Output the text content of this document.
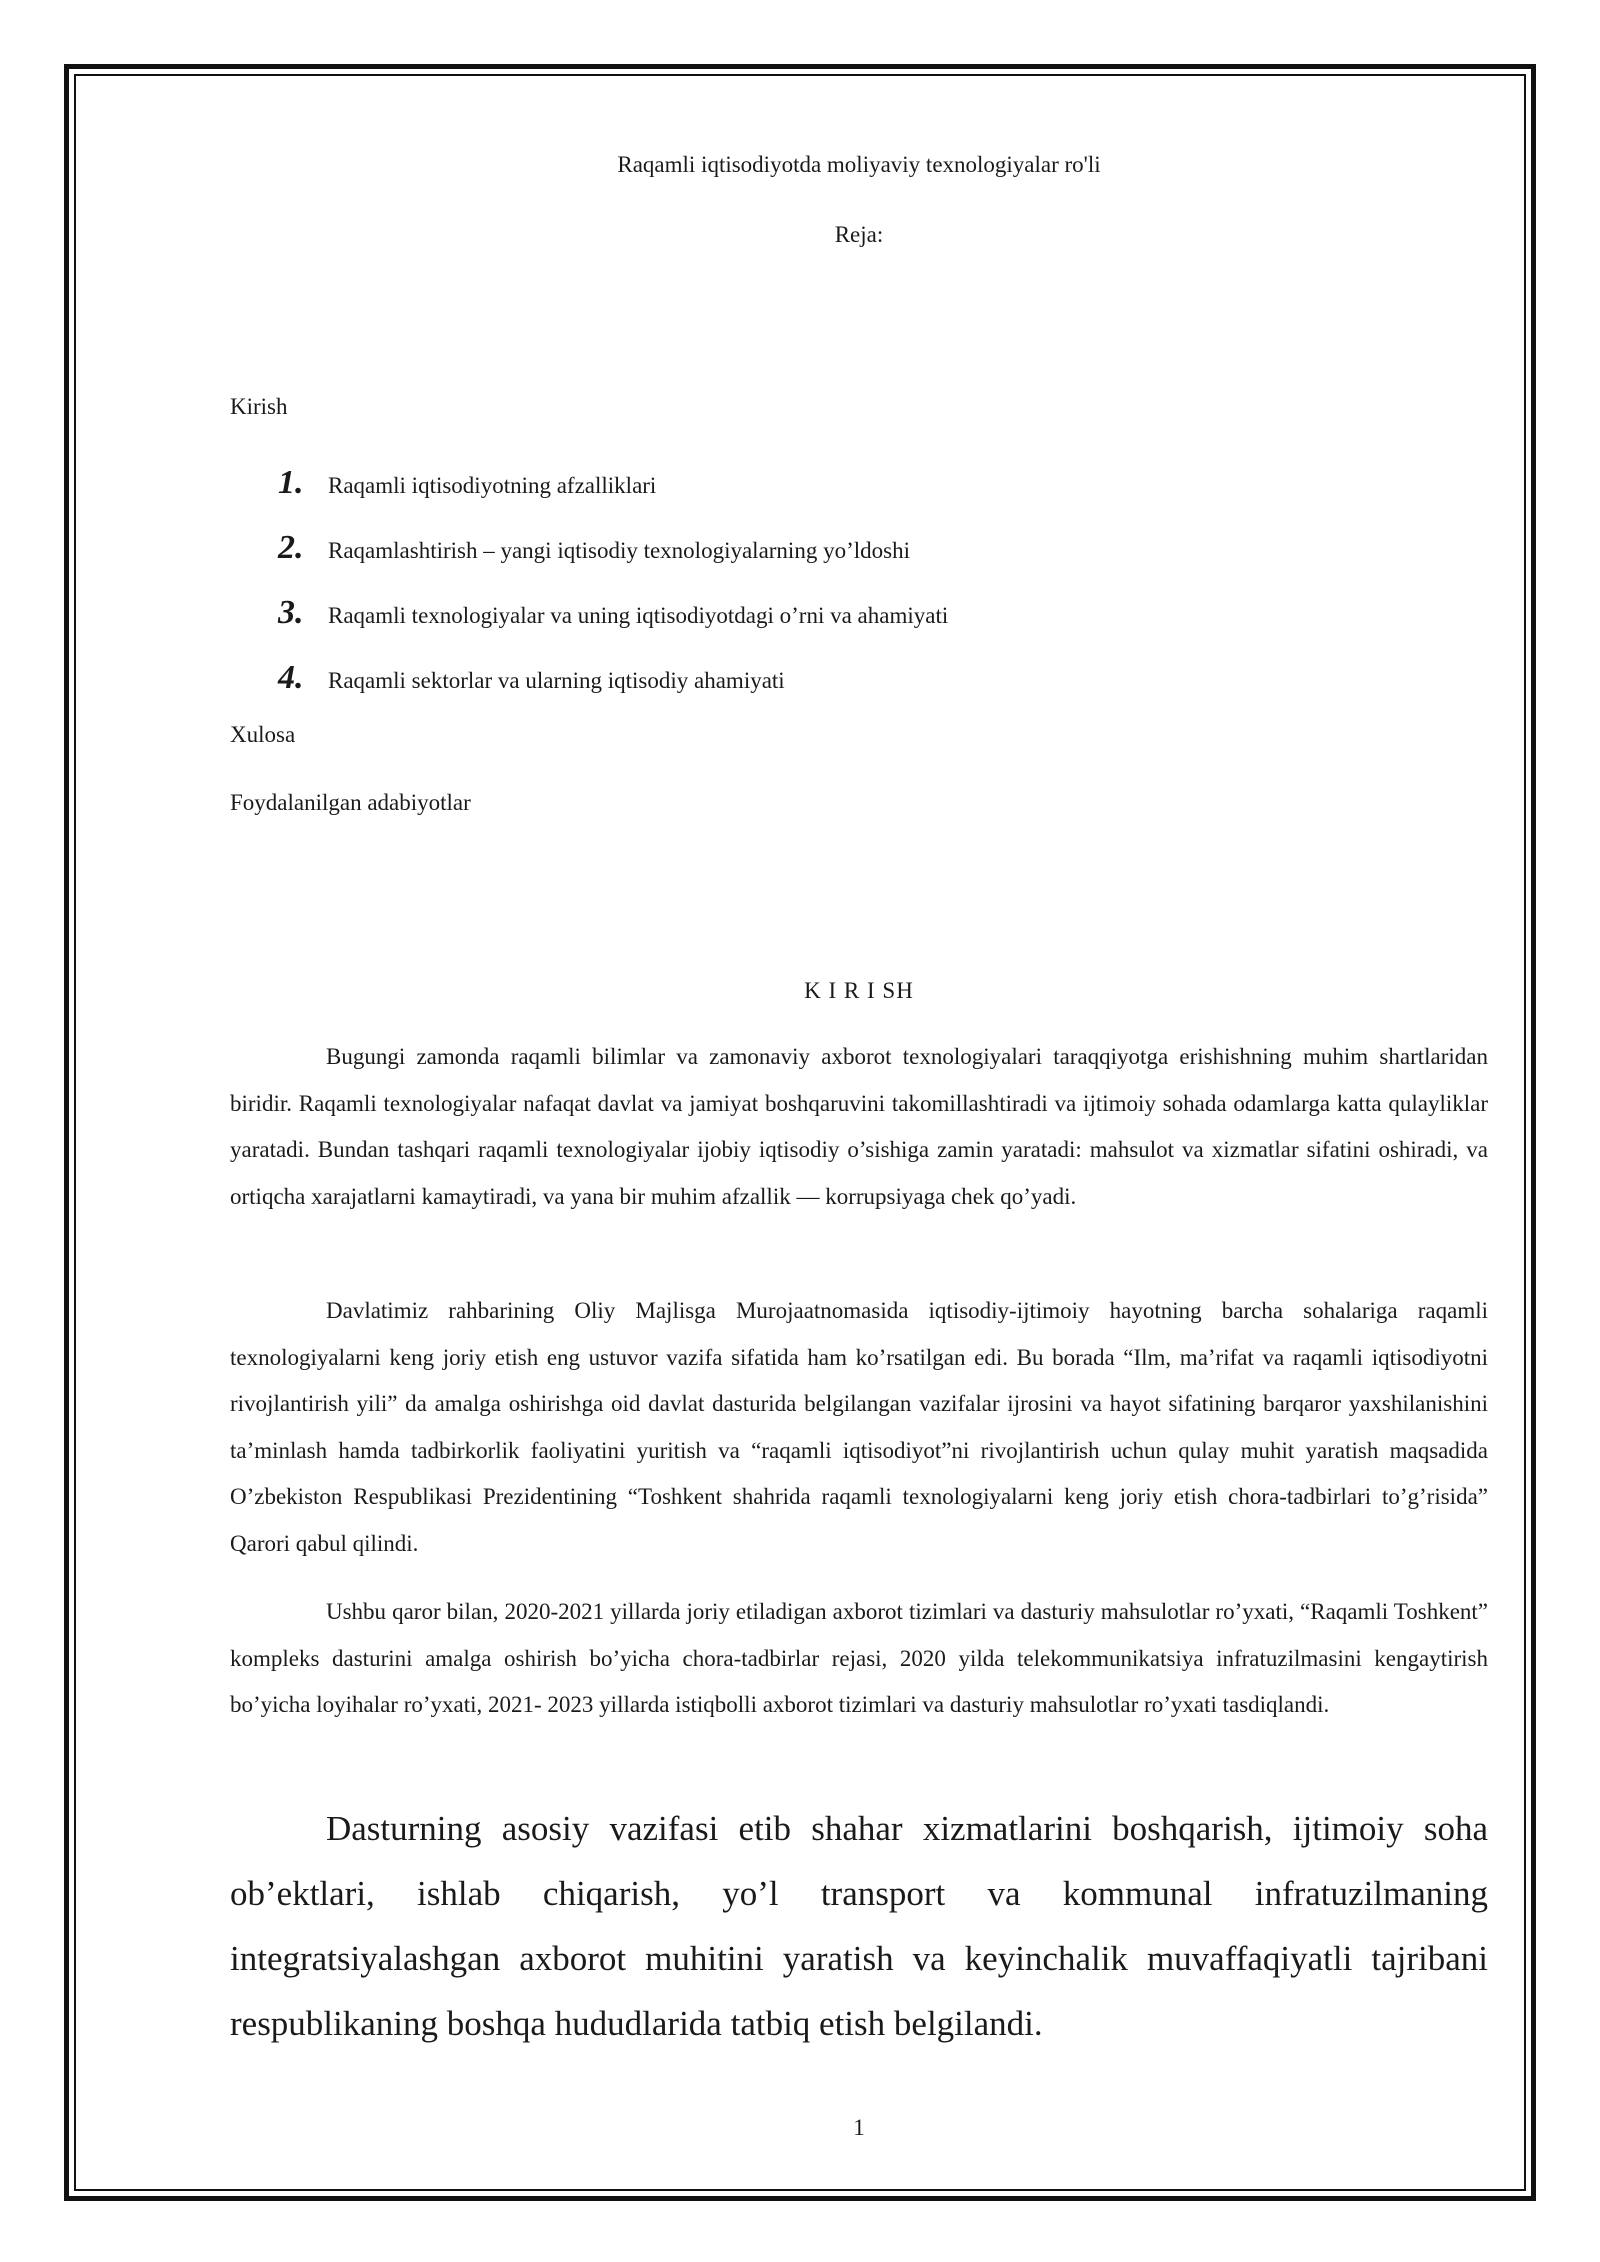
Raqamli iqtisodiyotda moliyaviy texnologiyalar ro'li
Reja:
Kirish
1.	Raqamli iqtisodiyotning afzalliklari
2.	Raqamlashtirish – yangi iqtisodiy texnologiyalarning yo’ldoshi
3.	Raqamli texnologiyalar va uning iqtisodiyotdagi o’rni va ahamiyati
4.	Raqamli sektorlar va ularning iqtisodiy ahamiyati
Xulosa
Foydalanilgan adabiyotlar
K I R I SH

Bugungi zamonda raqamli bilimlar va zamonaviy axborot texnologiyalari taraqqiyotga erishishning muhim shartlaridan biridir. Raqamli texnologiyalar nafaqat davlat va jamiyat boshqaruvini takomillashtiradi va ijtimoiy sohada odamlarga katta qulayliklar yaratadi. Bundan tashqari raqamli texnologiyalar ijobiy iqtisodiy o’sishiga zamin yaratadi: mahsulot va xizmatlar sifatini oshiradi, va ortiqcha xarajatlarni kamaytiradi, va yana bir muhim afzallik — korrupsiyaga chek qo’yadi.

Davlatimiz rahbarining Oliy Majlisga Murojaatnomasida iqtisodiy-ijtimoiy hayotning barcha sohalariga raqamli texnologiyalarni keng joriy etish eng ustuvor vazifa sifatida ham ko’rsatilgan edi. Bu borada “Ilm, ma’rifat va raqamli iqtisodiyotni rivojlantirish yili” da amalga oshirishga oid davlat dasturida belgilangan vazifalar ijrosini va hayot sifatining barqaror yaxshilanishini ta’minlash hamda tadbirkorlik faoliyatini yuritish va “raqamli iqtisodiyot”ni rivojlantirish uchun qulay muhit yaratish maqsadida O’zbekiston Respublikasi Prezidentining “Toshkent shahrida raqamli texnologiyalarni keng joriy etish chora-tadbirlari to’g’risida” Qarori qabul qilindi.

Ushbu qaror bilan, 2020-2021 yillarda joriy etiladigan axborot tizimlari va dasturiy mahsulotlar ro’yxati, “Raqamli Toshkent” kompleks dasturini amalga oshirish bo’yicha chora-tadbirlar rejasi, 2020 yilda telekommunikatsiya infratuzilmasini kengaytirish bo’yicha loyihalar ro’yxati, 2021- 2023 yillarda istiqbolli axborot tizimlari va dasturiy mahsulotlar ro’yxati tasdiqlandi.

Dasturning asosiy vazifasi etib shahar xizmatlarini boshqarish, ijtimoiy soha ob’ektlari, ishlab chiqarish, yo’l transport va kommunal infratuzilmaning integratsiyalashgan axborot muhitini yaratish va keyinchalik muvaffaqiyatli tajribani respublikaning boshqa hududlarida tatbiq etish belgilandi.

1
